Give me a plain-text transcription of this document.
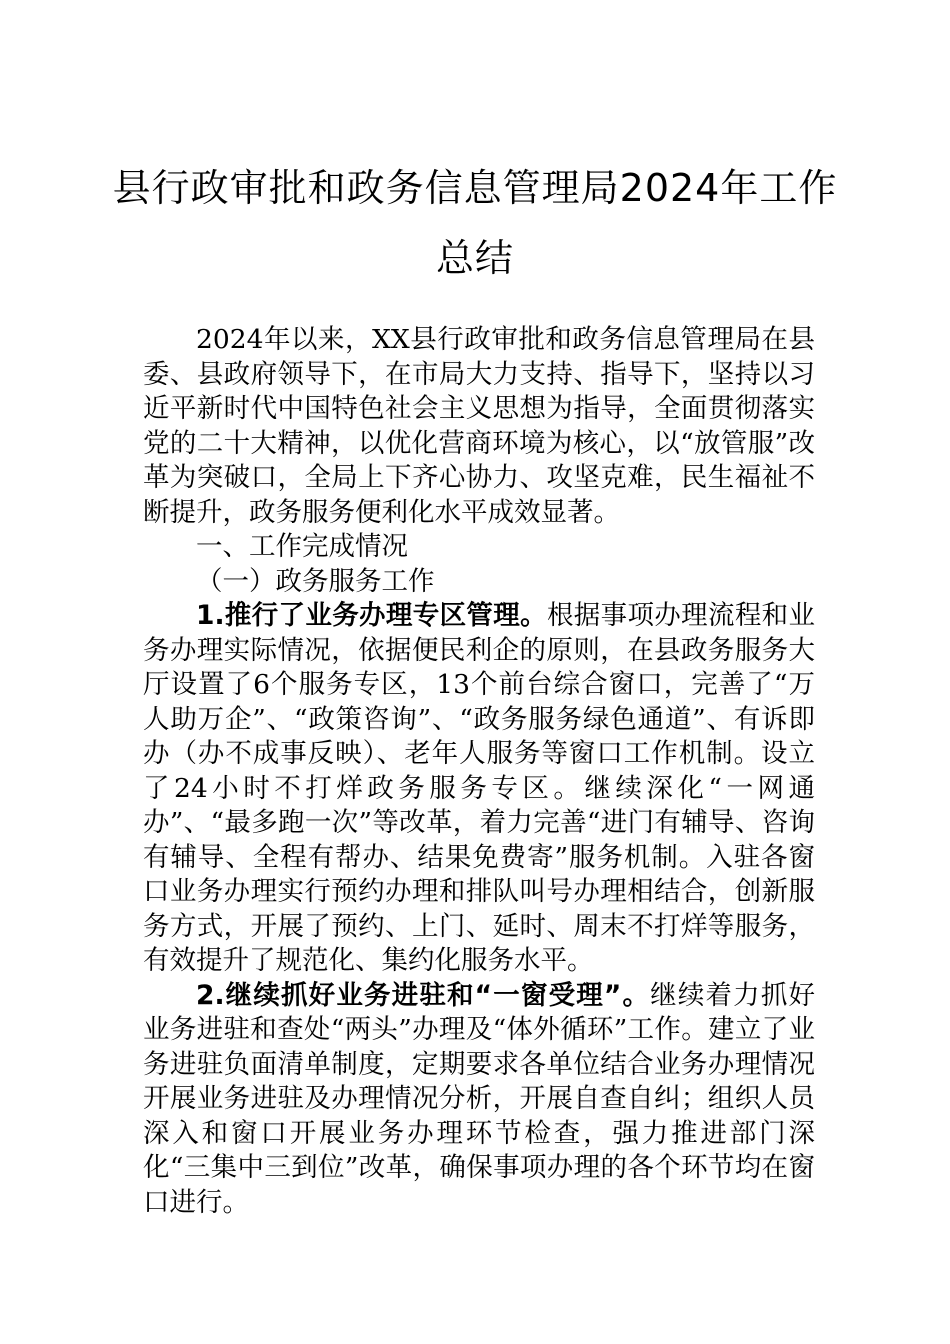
县行政审批和政务信息管理局2024年工作
总结

2024年以来，XX县行政审批和政务信息管理局在县委、县政府领导下，在市局大力支持、指导下，坚持以习近平新时代中国特色社会主义思想为指导，全面贯彻落实党的二十大精神，以优化营商环境为核心，以“放管服”改革为突破口，全局上下齐心协力、攻坚克难，民生福祉不断提升，政务服务便利化水平成效显著。

一、工作完成情况

（一）政务服务工作

1.推行了业务办理专区管理。根据事项办理流程和业务办理实际情况，依据便民利企的原则，在县政务服务大厅设置了6个服务专区，13个前台综合窗口，完善了“万人助万企”、“政策咨询”、“政务服务绿色通道”、有诉即办（办不成事反映）、老年人服务等窗口工作机制。设立了24小时不打烊政务服务专区。继续深化“一网通办”、“最多跑一次”等改革，着力完善“进门有辅导、咨询有辅导、全程有帮办、结果免费寄”服务机制。入驻各窗口业务办理实行预约办理和排队叫号办理相结合，创新服务方式，开展了预约、上门、延时、周末不打烊等服务，有效提升了规范化、集约化服务水平。

2.继续抓好业务进驻和“一窗受理”。继续着力抓好业务进驻和查处“两头”办理及“体外循环”工作。建立了业务进驻负面清单制度，定期要求各单位结合业务办理情况开展业务进驻及办理情况分析，开展自查自纠；组织人员深入和窗口开展业务办理环节检查，强力推进部门深化“三集中三到位”改革，确保事项办理的各个环节均在窗口进行。
